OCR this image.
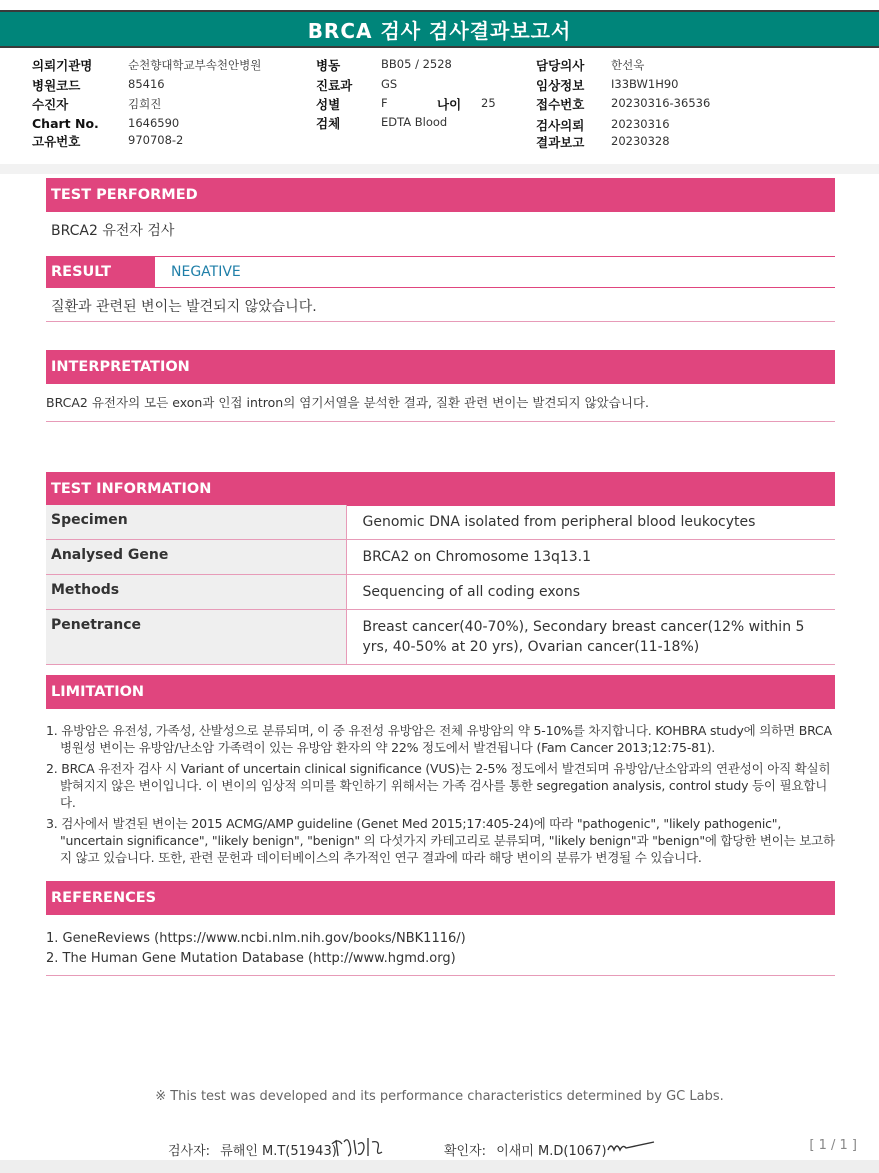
BRCA 검사 검사결과보고서
의뢰기관명	순천향대학교부속천안병원
병원코드	85416
수진자	김희진
Chart No.	1646590
고유번호	970708-2
병동	BB05 / 2528
진료과	GS
성별	F	나이 25
검체	EDTA Blood
담당의사 한선욱
임상정보 I33BW1H90
접수번호 20230316-36536
검사의뢰 20230316
결과보고 20230328
TEST PERFORMED
BRCA2 유전자 검사
RESULT	NEGATIVE
질환과 관련된 변이는 발견되지 않았습니다.
INTERPRETATION
BRCA2 유전자의 모든 exon과 인접 intron의 염기서열을 분석한 결과, 질환 관련 변이는 발견되지 않았습니다.
TEST INFORMATION
Specimen	Genomic DNA isolated from peripheral blood leukocytes
Analysed Gene	BRCA2 on Chromosome 13q13.1
Methods	Sequencing of all coding exons
Penetrance	Breast cancer(40-70%), Secondary breast cancer(12% within 5 yrs, 40-50% at 20 yrs), Ovarian cancer(11-18%)
LIMITATION
1. 유방암은 유전성, 가족성, 산발성으로 분류되며, 이 중 유전성 유방암은 전체 유방암의 약 5-10%를 차지합니다. KOHBRA study에 의하면 BRCA 병원성 변이는 유방암/난소암 가족력이 있는 유방암 환자의 약 22% 정도에서 발견됩니다 (Fam Cancer 2013;12:75-81).
2. BRCA 유전자 검사 시 Variant of uncertain clinical significance (VUS)는 2-5% 정도에서 발견되며 유방암/난소암과의 연관성이 아직 확실히 밝혀지지 않은 변이입니다. 이 변이의 임상적 의미를 확인하기 위해서는 가족 검사를 통한 segregation analysis, control study 등이 필요합니다.
3. 검사에서 발견된 변이는 2015 ACMG/AMP guideline (Genet Med 2015;17:405-24)에 따라 "pathogenic", "likely pathogenic", "uncertain significance", "likely benign", "benign" 의 다섯가지 카테고리로 분류되며, "likely benign"과 "benign"에 합당한 변이는 보고하지 않고 있습니다. 또한, 관련 문헌과 데이터베이스의 추가적인 연구 결과에 따라 해당 변이의 분류가 변경될 수 있습니다.
REFERENCES
1. GeneReviews (https://www.ncbi.nlm.nih.gov/books/NBK1116/)
2. The Human Gene Mutation Database (http://www.hgmd.org)
※ This test was developed and its performance characteristics determined by GC Labs.
검사자: 류해인 M.T(51943)	확인자: 이새미 M.D(1067)	[ 1 / 1 ]
